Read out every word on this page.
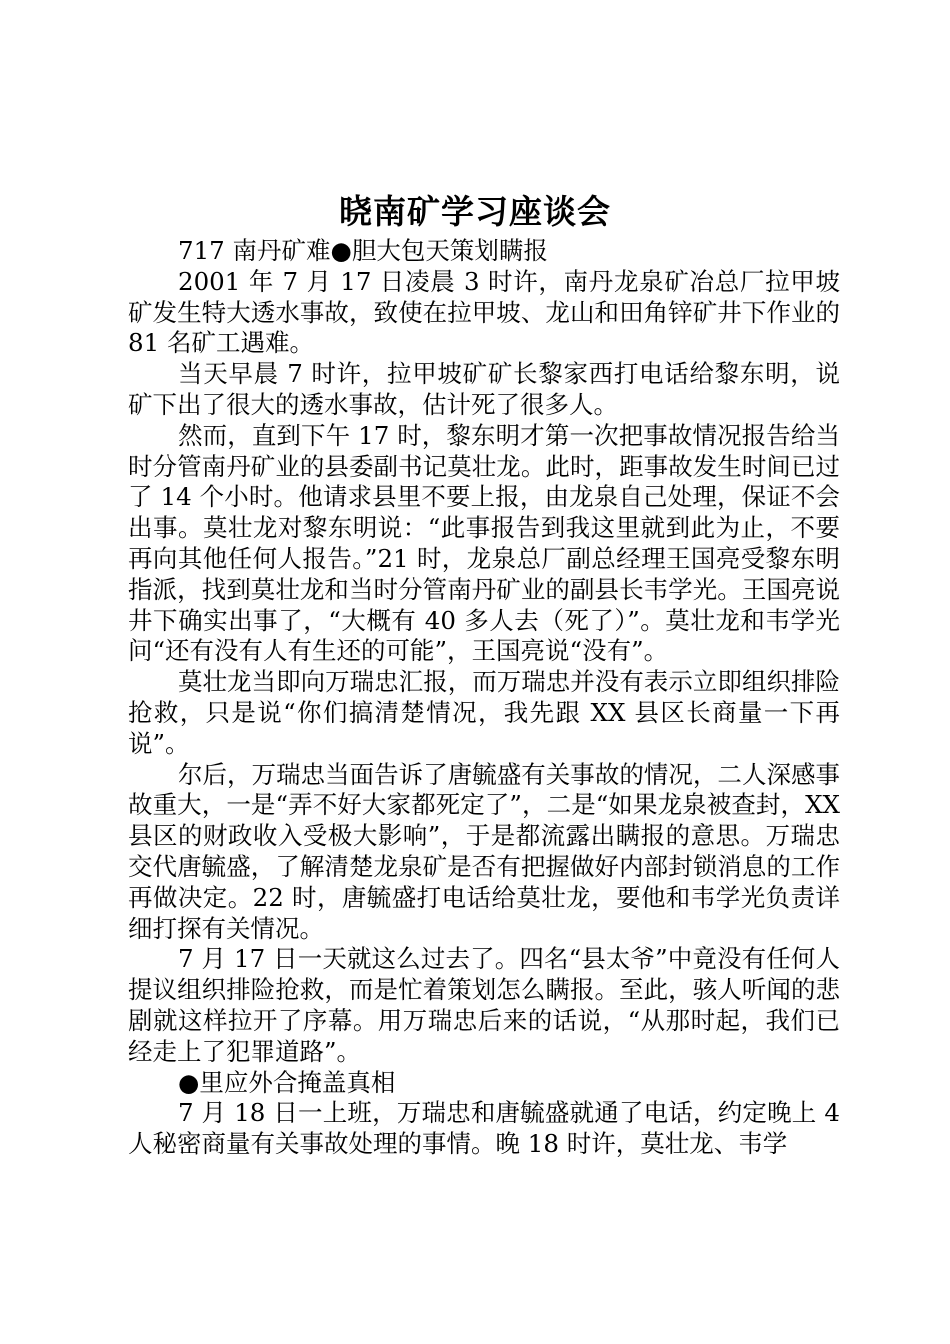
晓南矿学习座谈会

717 南丹矿难●胆大包天策划瞒报

2001 年 7 月 17 日凌晨 3 时许，南丹龙泉矿冶总厂拉甲坡矿发生特大透水事故，致使在拉甲坡、龙山和田角锌矿井下作业的 81 名矿工遇难。

当天早晨 7 时许，拉甲坡矿矿长黎家西打电话给黎东明，说矿下出了很大的透水事故，估计死了很多人。

然而，直到下午 17 时，黎东明才第一次把事故情况报告给当时分管南丹矿业的县委副书记莫壮龙。此时，距事故发生时间已过了 14 个小时。他请求县里不要上报，由龙泉自己处理，保证不会出事。莫壮龙对黎东明说：“此事报告到我这里就到此为止，不要再向其他任何人报告。”21 时，龙泉总厂副总经理王国亮受黎东明指派，找到莫壮龙和当时分管南丹矿业的副县长韦学光。王国亮说井下确实出事了，“大概有 40 多人去（死了）”。莫壮龙和韦学光问“还有没有人有生还的可能”，王国亮说“没有”。

莫壮龙当即向万瑞忠汇报，而万瑞忠并没有表示立即组织排险抢救，只是说“你们搞清楚情况，我先跟 XX 县区长商量一下再说”。

尔后，万瑞忠当面告诉了唐毓盛有关事故的情况，二人深感事故重大，一是“弄不好大家都死定了”，二是“如果龙泉被查封，XX 县区的财政收入受极大影响”，于是都流露出瞒报的意思。万瑞忠交代唐毓盛，了解清楚龙泉矿是否有把握做好内部封锁消息的工作再做决定。22 时，唐毓盛打电话给莫壮龙，要他和韦学光负责详细打探有关情况。

7 月 17 日一天就这么过去了。四名“县太爷”中竟没有任何人提议组织排险抢救，而是忙着策划怎么瞒报。至此，骇人听闻的悲剧就这样拉开了序幕。用万瑞忠后来的话说，“从那时起，我们已经走上了犯罪道路”。

●里应外合掩盖真相

7 月 18 日一上班，万瑞忠和唐毓盛就通了电话，约定晚上 4 人秘密商量有关事故处理的事情。晚 18 时许，莫壮龙、韦学
